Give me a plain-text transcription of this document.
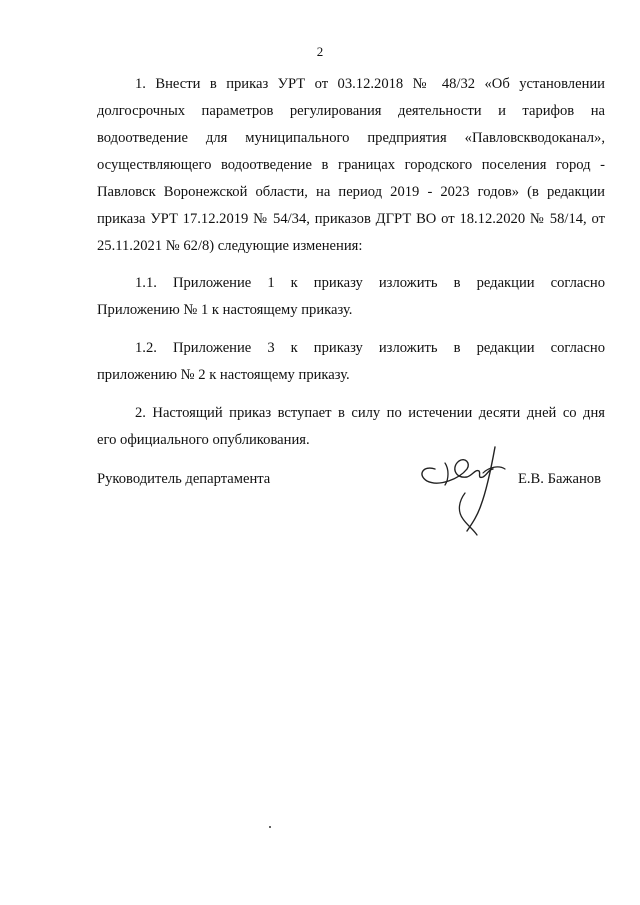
2

1. Внести в приказ УРТ от 03.12.2018 № 48/32 «Об установлении
долгосрочных параметров регулирования деятельности и тарифов на
водоотведение для муниципального предприятия «Павловскводоканал»,
осуществляющего водоотведение в границах городского поселения город -
Павловск Воронежской области, на период 2019 - 2023 годов» (в редакции
приказа УРТ 17.12.2019 № 54/34, приказов ДГРТ ВО от 18.12.2020 № 58/14, от
25.11.2021 № 62/8) следующие изменения:

1.1. Приложение 1 к приказу изложить в редакции согласно
Приложению № 1 к настоящему приказу.

1.2. Приложение 3 к приказу изложить в редакции согласно
приложению № 2 к настоящему приказу.

2. Настоящий приказ вступает в силу по истечении десяти дней со дня
его официального опубликования.

Руководитель департамента	Е.В. Бажанов
